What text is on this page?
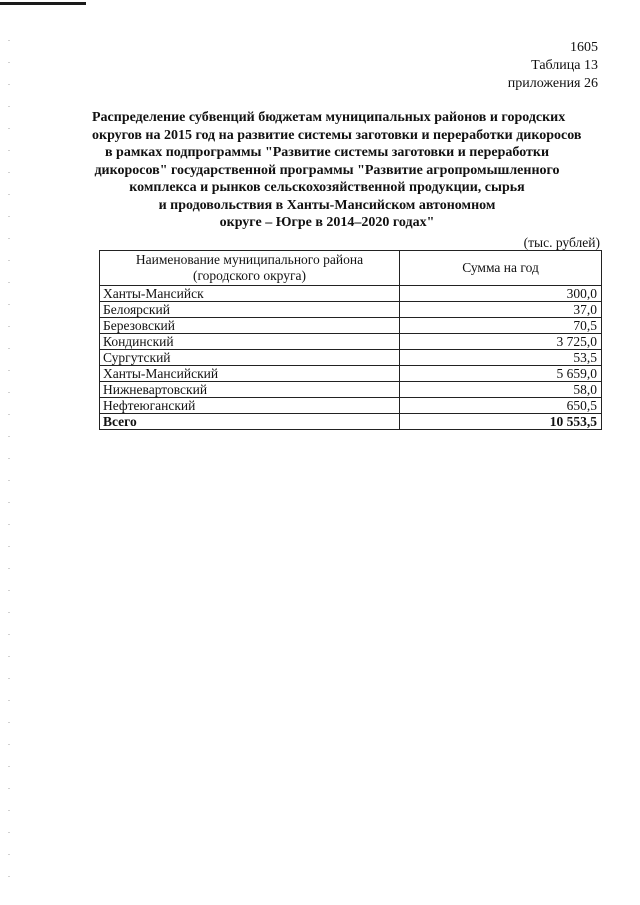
1605
Таблица 13
приложения 26
Распределение субвенций бюджетам муниципальных районов и городских
округов на 2015 год на развитие системы заготовки и переработки дикоросов
в рамках подпрограммы "Развитие системы заготовки и переработки
дикоросов" государственной программы "Развитие агропромышленного
комплекса и рынков сельскохозяйственной продукции, сырья
и продовольствия в Ханты-Мансийском автономном
округе – Югре в 2014–2020 годах"
(тыс. рублей)
Наименование муниципального района (городского округа)	Сумма на год
Ханты-Мансийск	300,0
Белоярский	37,0
Березовский	70,5
Кондинский	3 725,0
Сургутский	53,5
Ханты-Мансийский	5 659,0
Нижневартовский	58,0
Нефтеюганский	650,5
Всего	10 553,5
